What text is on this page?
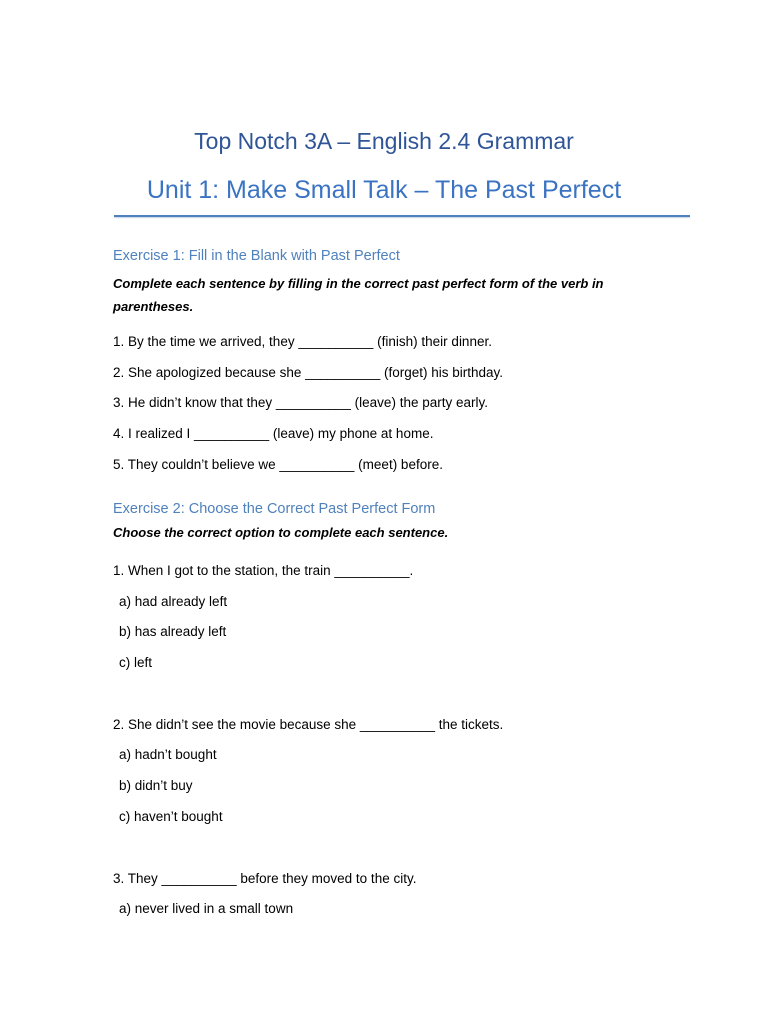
Top Notch 3A – English 2.4 Grammar
Unit 1: Make Small Talk – The Past Perfect
Exercise 1: Fill in the Blank with Past Perfect
Complete each sentence by filling in the correct past perfect form of the verb in
parentheses.
1. By the time we arrived, they __________ (finish) their dinner.
2. She apologized because she __________ (forget) his birthday.
3. He didn’t know that they __________ (leave) the party early.
4. I realized I __________ (leave) my phone at home.
5. They couldn’t believe we __________ (meet) before.
Exercise 2: Choose the Correct Past Perfect Form
Choose the correct option to complete each sentence.
1. When I got to the station, the train __________.
a) had already left
b) has already left
c) left
2. She didn’t see the movie because she __________ the tickets.
a) hadn’t bought
b) didn’t buy
c) haven’t bought
3. They __________ before they moved to the city.
a) never lived in a small town
